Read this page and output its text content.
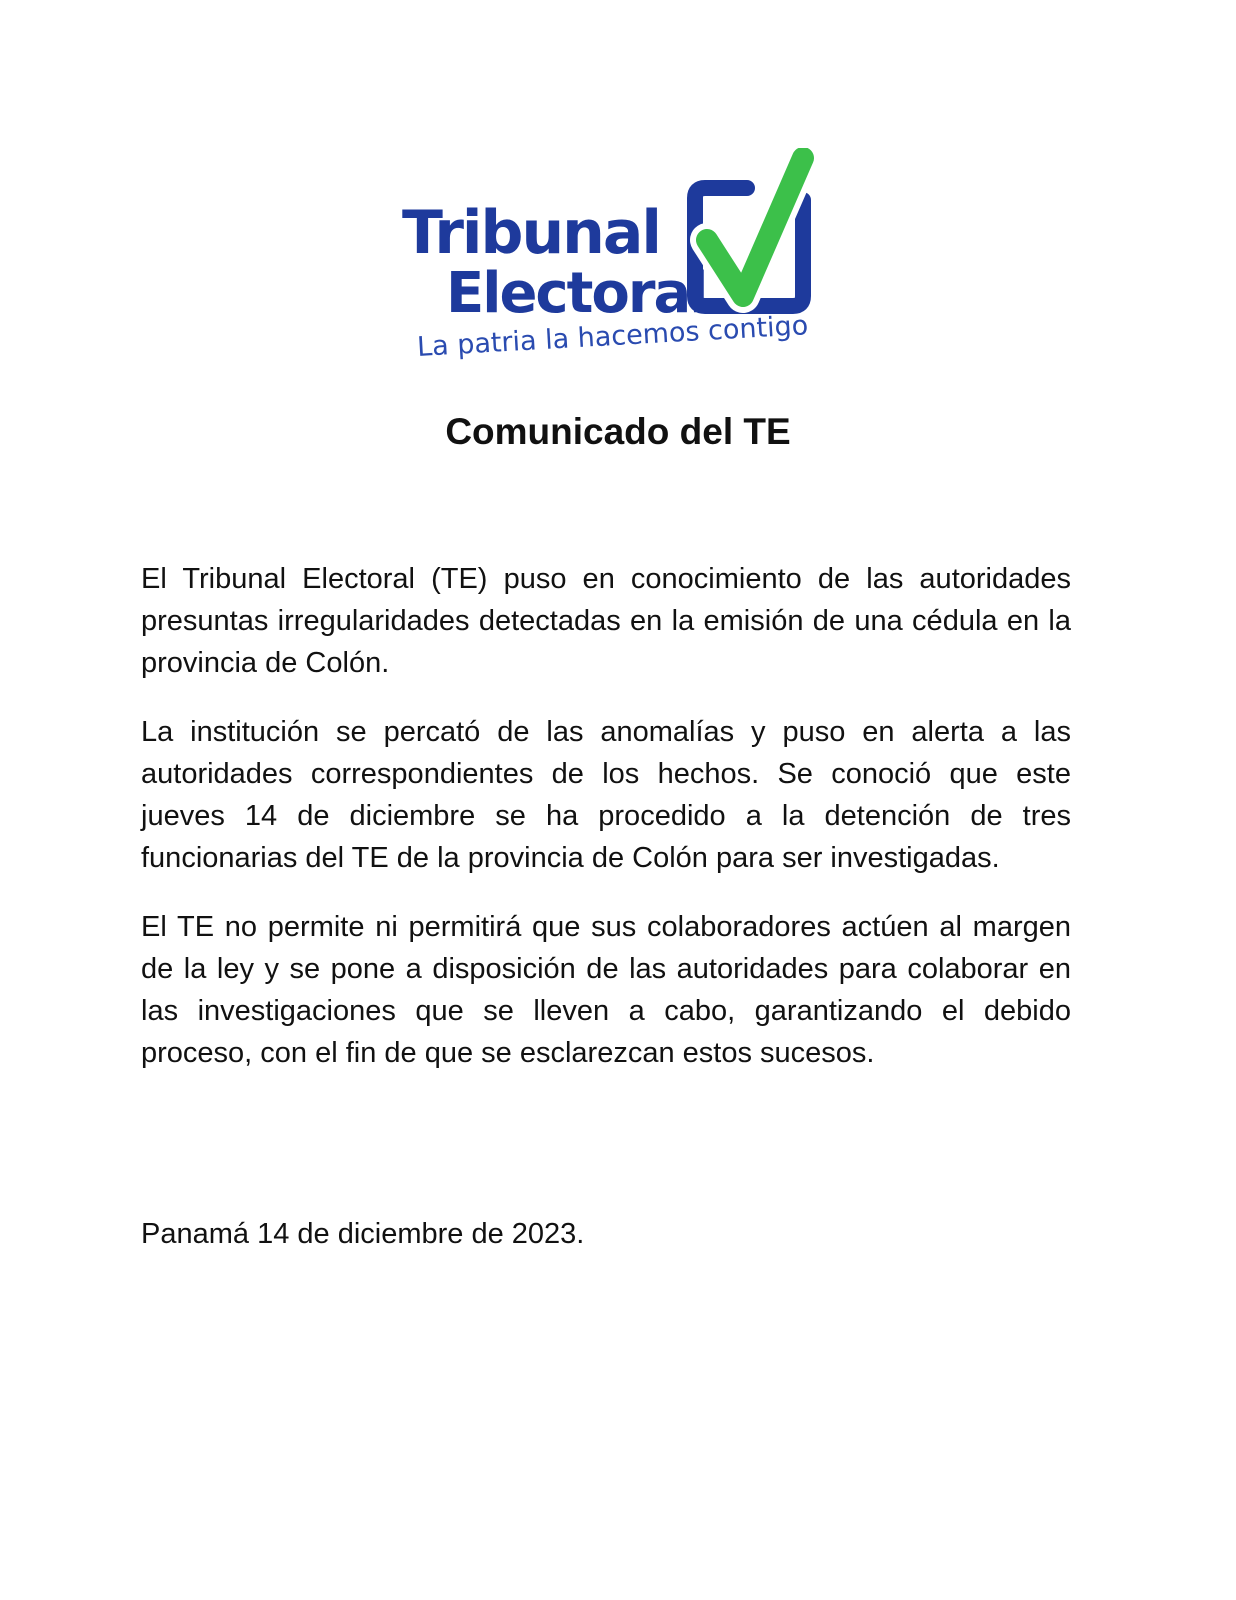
Tribunal
Electoral
La patria la hacemos contigo
Comunicado del TE

El Tribunal Electoral (TE) puso en conocimiento de las autoridades presuntas irregularidades detectadas en la emisión de una cédula en la provincia de Colón.

La institución se percató de las anomalías y puso en alerta a las autoridades correspondientes de los hechos. Se conoció que este jueves 14 de diciembre se ha procedido a la detención de tres funcionarias del TE de la provincia de Colón para ser investigadas.

El TE no permite ni permitirá que sus colaboradores actúen al margen de la ley y se pone a disposición de las autoridades para colaborar en las investigaciones que se lleven a cabo, garantizando el debido proceso, con el fin de que se esclarezcan estos sucesos.

Panamá 14 de diciembre de 2023.
